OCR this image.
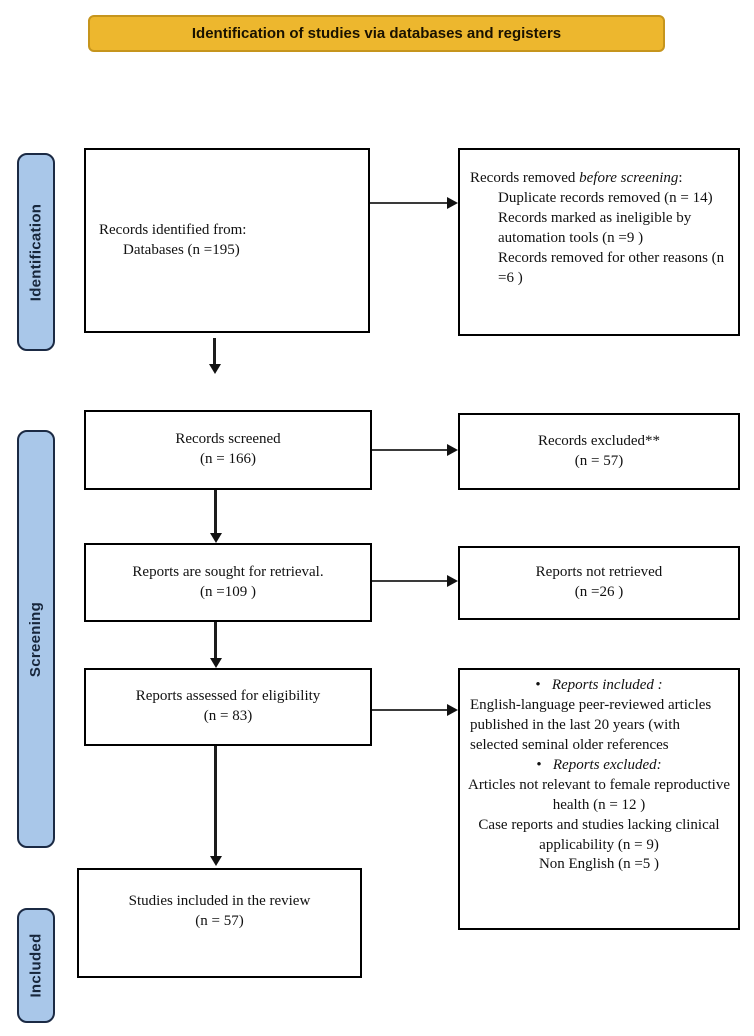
Identification of studies via databases and registers
Identification
Screening
Included
Records identified from:
Databases (n =195)
Records removed before screening:
Duplicate records removed (n = 14)
Records marked as ineligible by automation tools (n =9 )
Records removed for other reasons (n =6 )
Records screened
(n = 166)
Records excluded**
(n = 57)
Reports are sought for retrieval.
(n =109 )
Reports not retrieved
(n =26 )
Reports assessed for eligibility
(n = 83)
•   Reports included :
English-language peer-reviewed articles published in the last 20 years (with selected seminal older references
•   Reports excluded:
Articles not relevant to female reproductive health (n = 12 )
Case reports and studies lacking clinical applicability (n = 9)
Non English (n =5 )
Studies included in the review
(n = 57)
